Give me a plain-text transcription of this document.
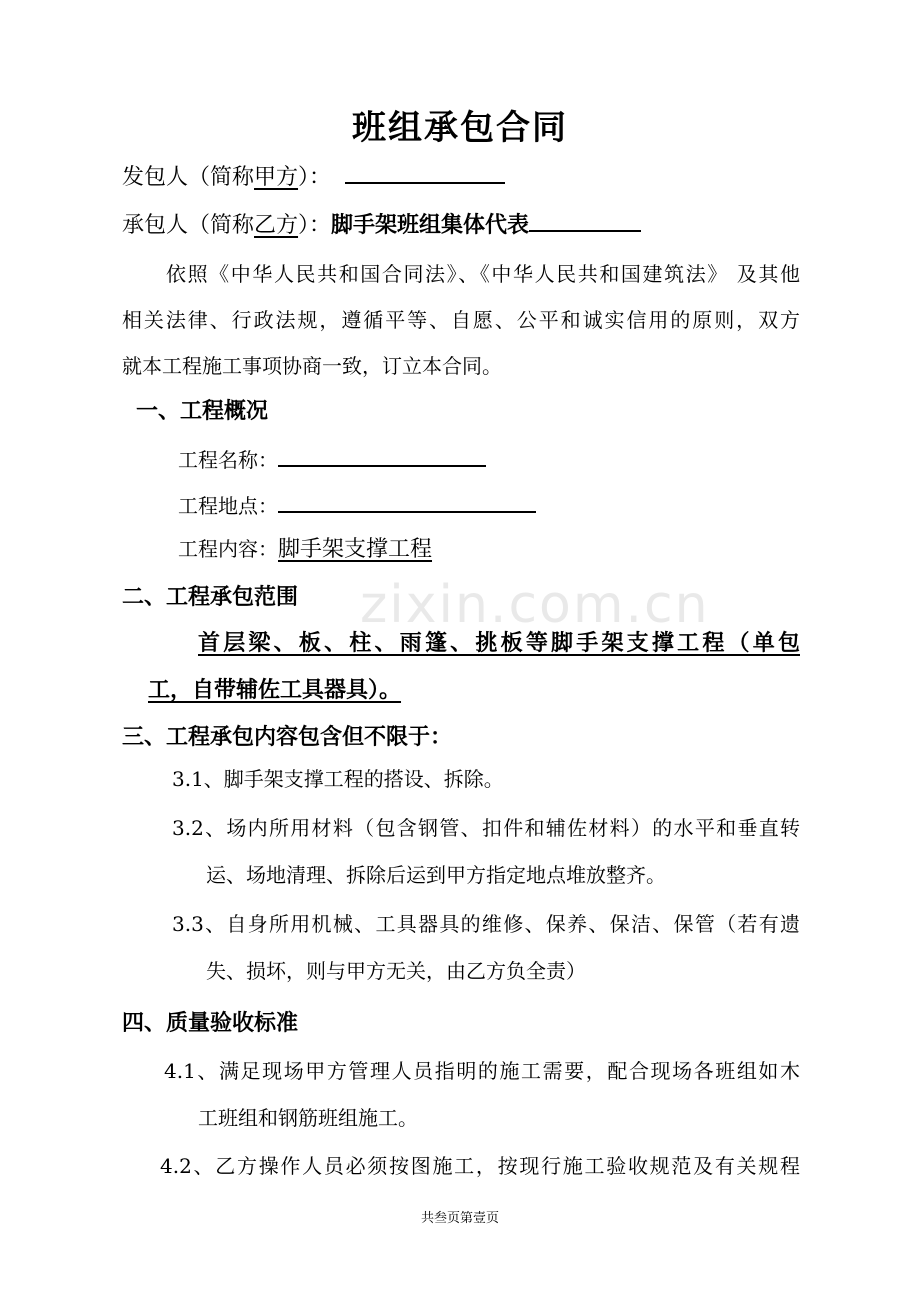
zixin.com.cn
班组承包合同
发包人（简称甲方）：
承包人（简称乙方）：脚手架班组集体代表
依照《中华人民共和国合同法》、《中华人民共和国建筑法》 及其他
相关法律、行政法规，遵循平等、自愿、公平和诚实信用的原则，双方
就本工程施工事项协商一致，订立本合同。
一、工程概况
工程名称：
工程地点：
工程内容：脚手架支撑工程
二、工程承包范围
首层梁、板、柱、雨篷、挑板等脚手架支撑工程（单包
工，自带辅佐工具器具）。
三、工程承包内容包含但不限于：
3.1、脚手架支撑工程的搭设、拆除。
3.2、场内所用材料（包含钢管、扣件和辅佐材料）的水平和垂直转
运、场地清理、拆除后运到甲方指定地点堆放整齐。
3.3、自身所用机械、工具器具的维修、保养、保洁、保管（若有遗
失、损坏，则与甲方无关，由乙方负全责）
四、质量验收标准
4.1、满足现场甲方管理人员指明的施工需要，配合现场各班组如木
工班组和钢筋班组施工。
4.2、乙方操作人员必须按图施工，按现行施工验收规范及有关规程
共叁页第壹页
